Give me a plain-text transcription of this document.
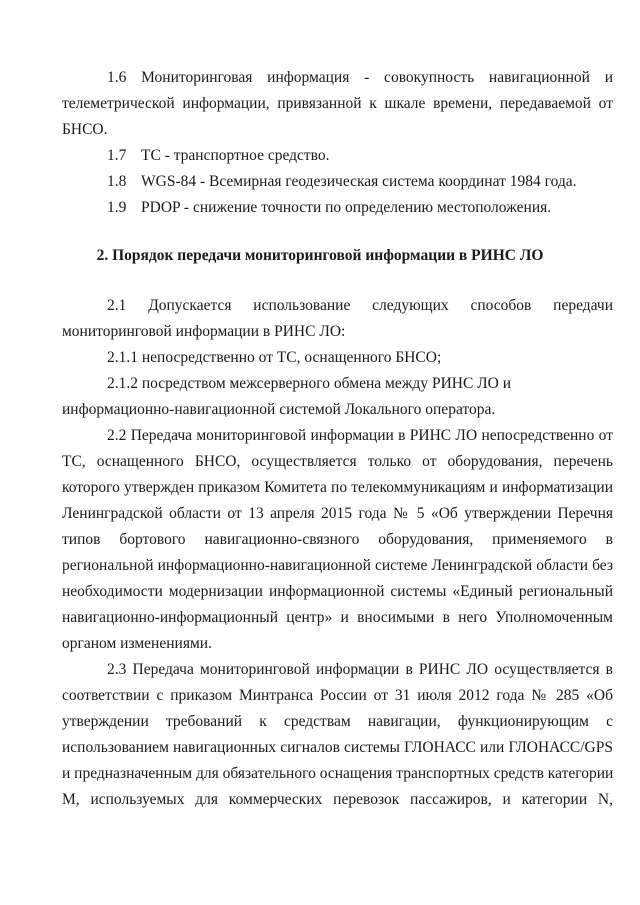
1.6 Мониторинговая информация - совокупность навигационной и
телеметрической информации, привязанной к шкале времени, передаваемой от
БНСО.
1.7 ТС - транспортное средство.
1.8 WGS-84 - Всемирная геодезическая система координат 1984 года.
1.9 PDOP - снижение точности по определению местоположения.
2. Порядок передачи мониторинговой информации в РИНС ЛО
2.1 Допускается использование следующих способов передачи
мониторинговой информации в РИНС ЛО:
2.1.1 непосредственно от ТС, оснащенного БНСО;
2.1.2 посредством межсерверного обмена между РИНС ЛО и
информационно-навигационной системой Локального оператора.
2.2 Передача мониторинговой информации в РИНС ЛО непосредственно от
ТС, оснащенного БНСО, осуществляется только от оборудования, перечень
которого утвержден приказом Комитета по телекоммуникациям и информатизации
Ленинградской области от 13 апреля 2015 года № 5 «Об утверждении Перечня
типов бортового навигационно-связного оборудования, применяемого в
региональной информационно-навигационной системе Ленинградской области без
необходимости модернизации информационной системы «Единый региональный
навигационно-информационный центр» и вносимыми в него Уполномоченным
органом изменениями.
2.3 Передача мониторинговой информации в РИНС ЛО осуществляется в
соответствии с приказом Минтранса России от 31 июля 2012 года № 285 «Об
утверждении требований к средствам навигации, функционирующим с
использованием навигационных сигналов системы ГЛОНАСС или ГЛОНАСС/GPS
и предназначенным для обязательного оснащения транспортных средств категории
М, используемых для коммерческих перевозок пассажиров, и категории N,
